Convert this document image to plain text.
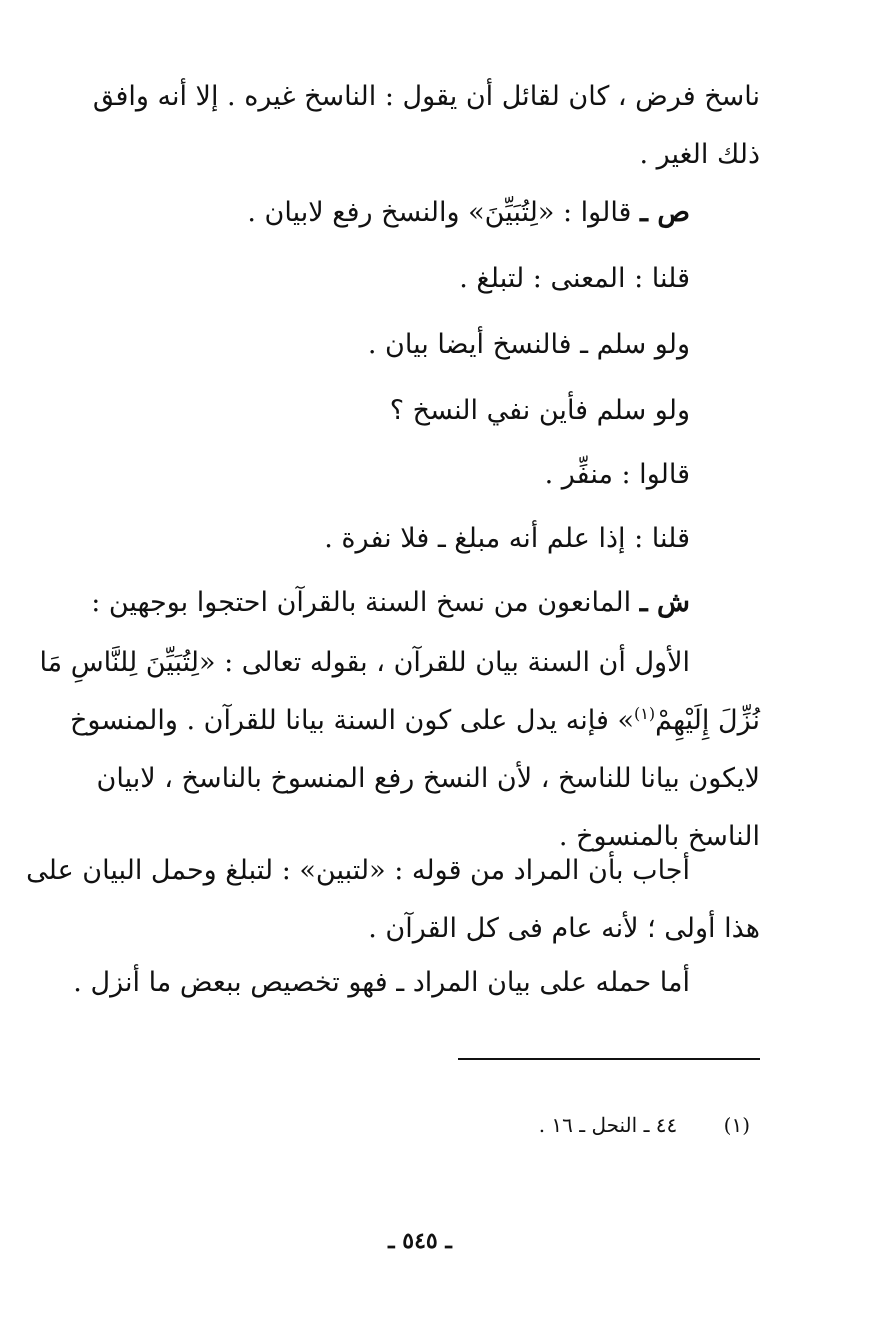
ناسخ فرض ، كان لقائل أن يقول : الناسخ غيره . إلا أنه وافق
ذلك الغير .
ص ـ قالوا : «لِتُبَيِّنَ» والنسخ رفع لابيان .
قلنا : المعنى : لتبلغ .
ولو سلم ـ فالنسخ أيضا بيان .
ولو سلم فأين نفي النسخ ؟
قالوا : منفِّر .
قلنا : إذا علم أنه مبلغ ـ فلا نفرة .
ش ـ المانعون من نسخ السنة بالقرآن احتجوا بوجهين :
الأول أن السنة بيان للقرآن ، بقوله تعالى : «لِتُبَيِّنَ لِلنَّاسِ مَا
نُزِّلَ إِلَيْهِمْ$^{(١)}$» فإنه يدل على كون السنة بيانا للقرآن . والمنسوخ
لايكون بيانا للناسخ ، لأن النسخ رفع المنسوخ بالناسخ ، لابيان
الناسخ بالمنسوخ .
أجاب بأن المراد من قوله : «لتبين» : لتبلغ وحمل البيان على
هذا أولى ؛ لأنه عام فى كل القرآن .
أما حمله على بيان المراد ـ فهو تخصيص ببعض ما أنزل .
(١) ٤٤ ـ النحل ـ ١٦ .
ـ ٥٤٥ ـ
